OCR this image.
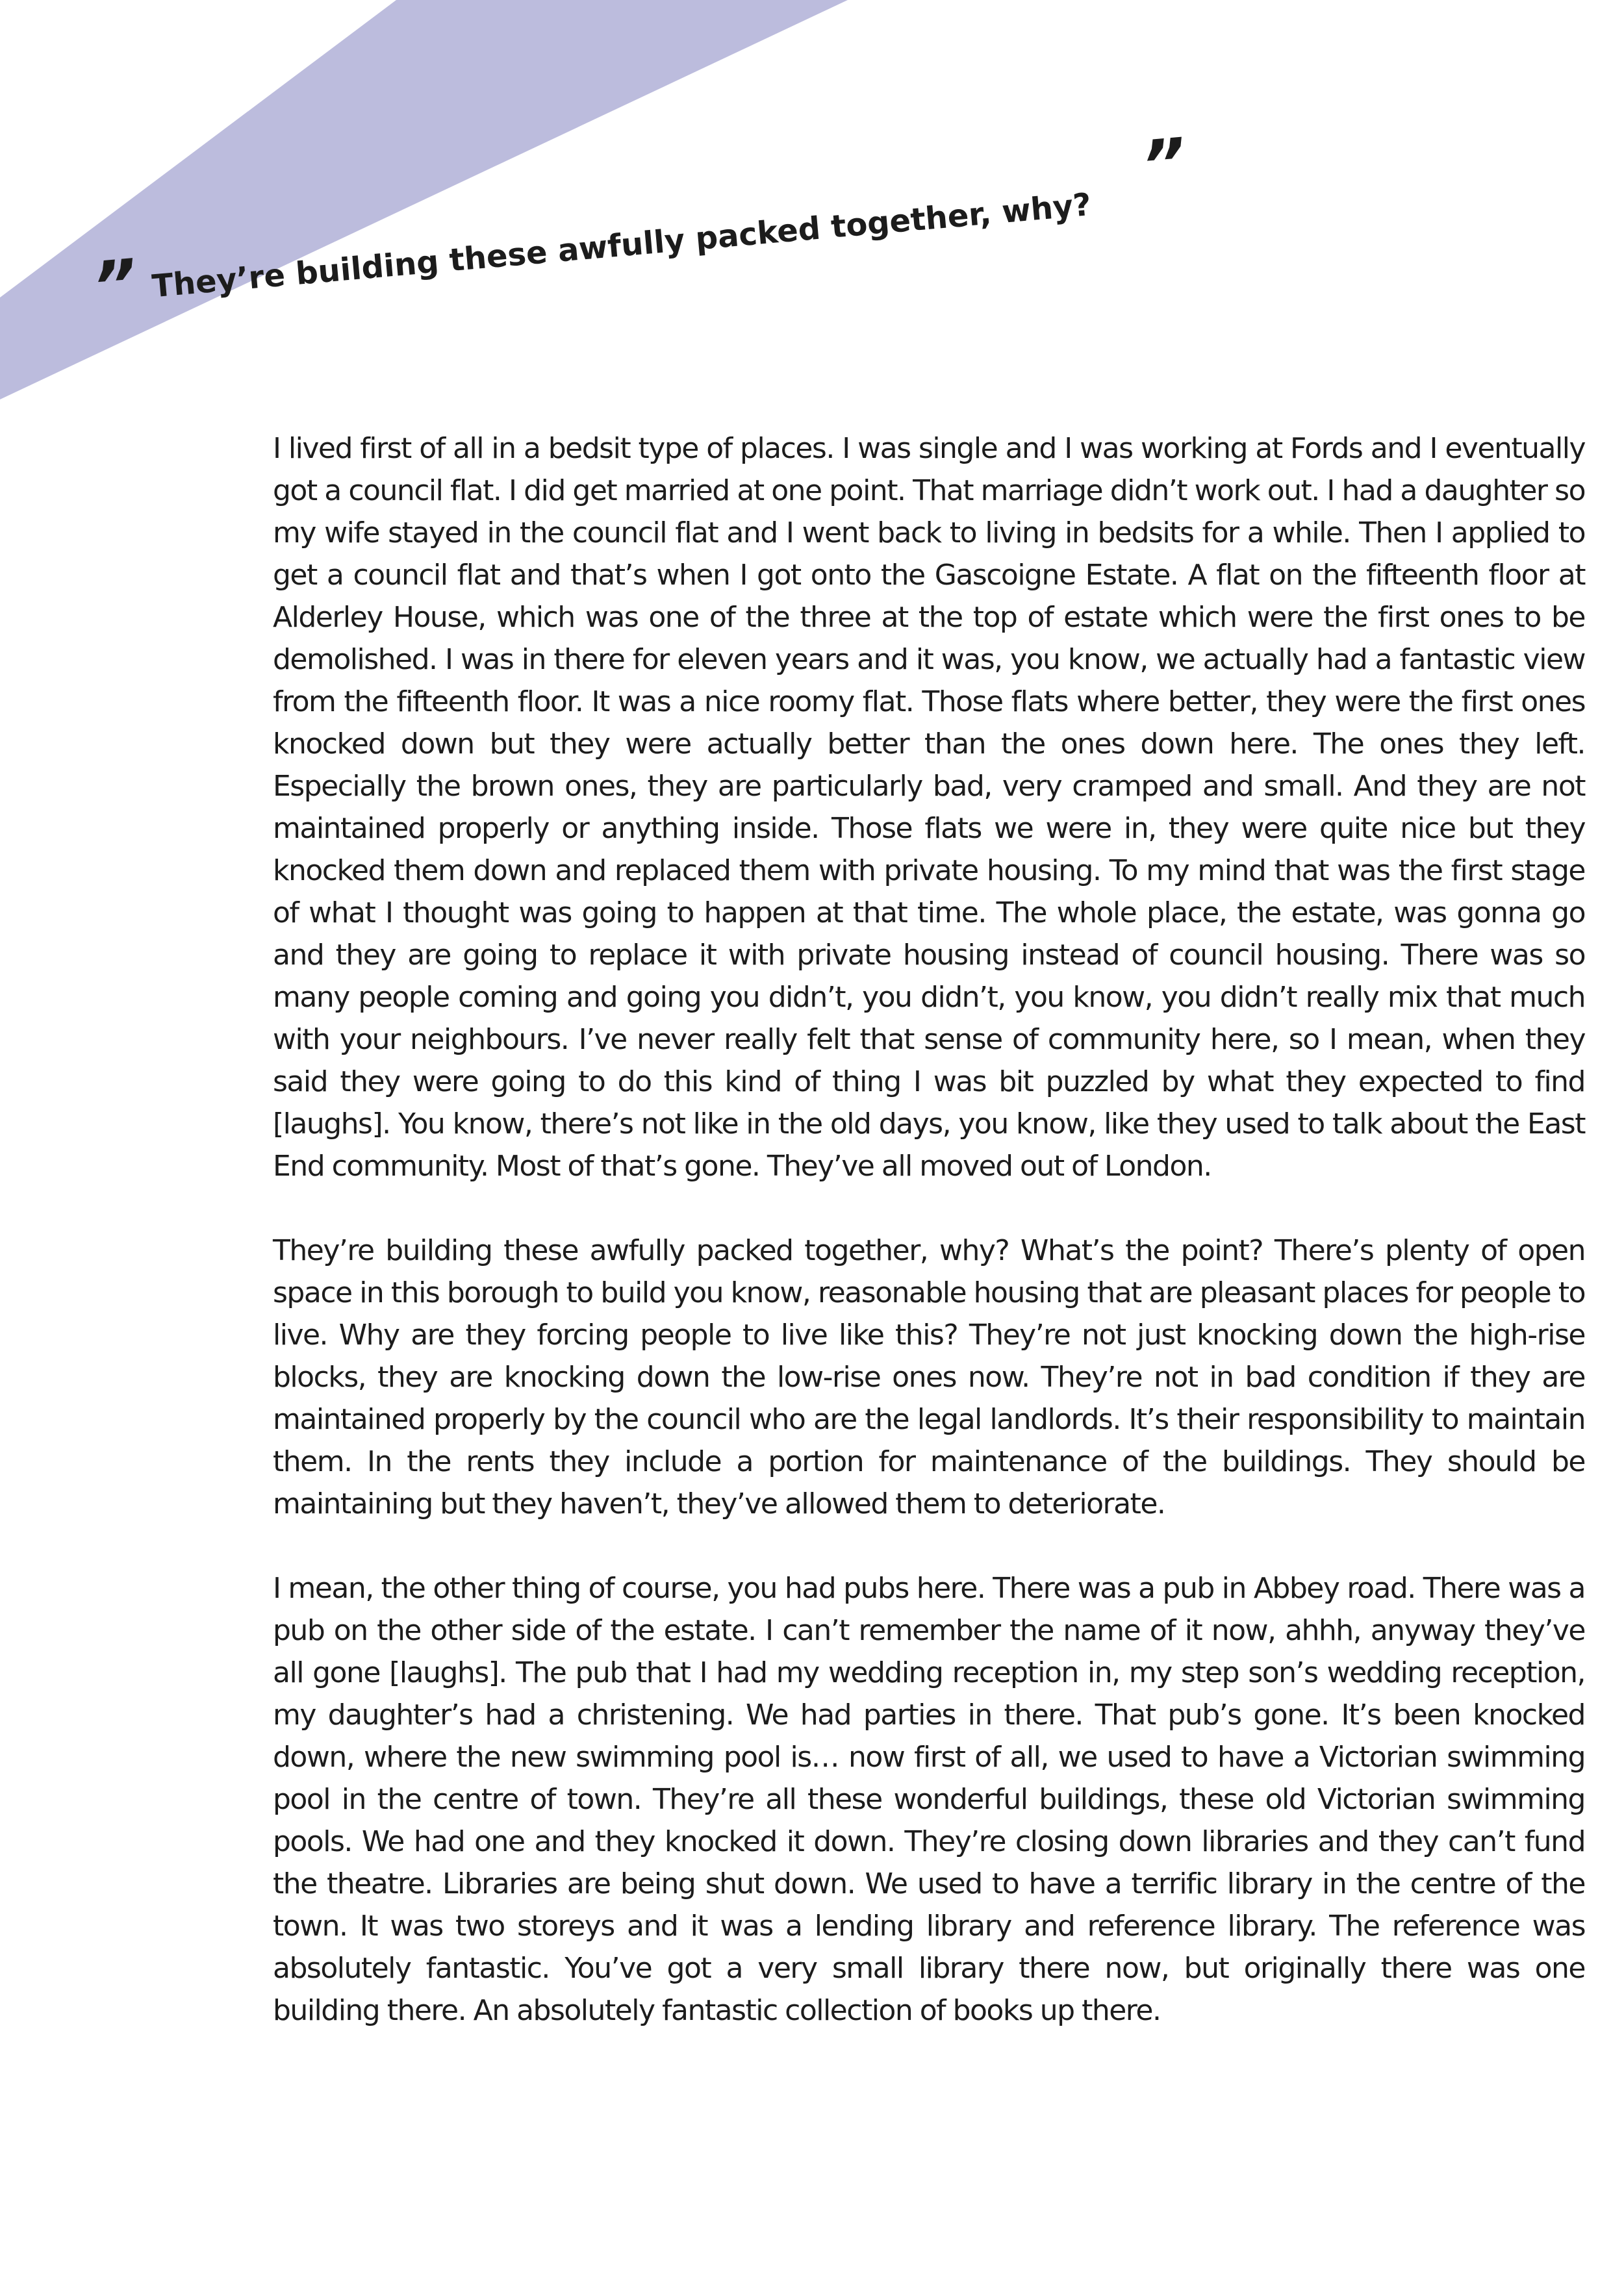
” They’re building these awfully packed together, why?
”

I lived first of all in a bedsit type of places. I was single and I was working at Fords and I eventually got a council flat. I did get married at one point. That marriage didn’t work out. I had a daughter so my wife stayed in the council flat and I went back to living in bedsits for a while. Then I applied to get a council flat and that’s when I got onto the Gascoigne Estate. A flat on the fifteenth floor at Alderley House, which was one of the three at the top of estate which were the first ones to be demolished. I was in there for eleven years and it was, you know, we actually had a fantastic view from the fifteenth floor. It was a nice roomy flat. Those flats where better, they were the first ones knocked down but they were actually better than the ones down here. The ones they left. Especially the brown ones, they are particularly bad, very cramped and small. And they are not maintained properly or anything inside. Those flats we were in, they were quite nice but they knocked them down and replaced them with private housing. To my mind that was the first stage of what I thought was going to happen at that time. The whole place, the estate, was gonna go and they are going to replace it with private housing instead of council housing. There was so many people coming and going you didn’t, you didn’t, you know, you didn’t really mix that much with your neighbours. I’ve never really felt that sense of community here, so I mean, when they said they were going to do this kind of thing I was bit puzzled by what they expected to find [laughs]. You know, there’s not like in the old days, you know, like they used to talk about the East End community. Most of that’s gone. They’ve all moved out of London.

They’re building these awfully packed together, why? What’s the point? There’s plenty of open space in this borough to build you know, reasonable housing that are pleasant places for people to live. Why are they forcing people to live like this? They’re not just knocking down the high-rise blocks, they are knocking down the low-rise ones now. They’re not in bad condition if they are maintained properly by the council who are the legal landlords. It’s their responsibility to maintain them. In the rents they include a portion for maintenance of the buildings. They should be maintaining but they haven’t, they’ve allowed them to deteriorate.

I mean, the other thing of course, you had pubs here. There was a pub in Abbey road. There was a pub on the other side of the estate. I can’t remember the name of it now, ahhh, anyway they’ve all gone [laughs]. The pub that I had my wedding reception in, my step son’s wedding reception, my daughter’s had a christening. We had parties in there. That pub’s gone. It’s been knocked down, where the new swimming pool is… now first of all, we used to have a Victorian swimming pool in the centre of town. They’re all these wonderful buildings, these old Victorian swimming pools. We had one and they knocked it down. They’re closing down libraries and they can’t fund the theatre. Libraries are being shut down. We used to have a terrific library in the centre of the town. It was two storeys and it was a lending library and reference library. The reference was absolutely fantastic. You’ve got a very small library there now, but originally there was one building there. An absolutely fantastic collection of books up there.
